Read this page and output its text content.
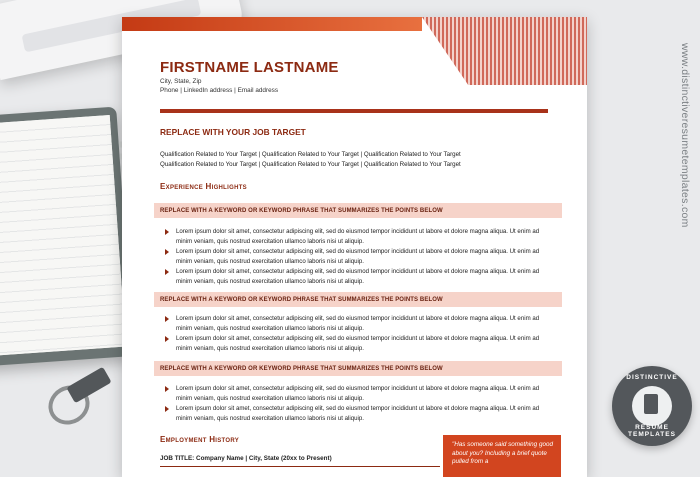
www.distinctiveresumetemplates.com
DISTINCTIVE
RESUME TEMPLATES
FIRSTNAME LASTNAME
City, State, Zip
Phone | LinkedIn address | Email address
REPLACE WITH YOUR JOB TARGET
Qualification Related to Your Target | Qualification Related to Your Target | Qualification Related to Your Target
Qualification Related to Your Target | Qualification Related to Your Target | Qualification Related to Your Target
Experience Highlights
REPLACE WITH A KEYWORD OR KEYWORD PHRASE THAT SUMMARIZES THE POINTS BELOW
Lorem ipsum dolor sit amet, consectetur adipiscing elit, sed do eiusmod tempor incididunt ut labore et dolore magna aliqua. Ut enim ad minim veniam, quis nostrud exercitation ullamco laboris nisi ut aliquip.
Lorem ipsum dolor sit amet, consectetur adipiscing elit, sed do eiusmod tempor incididunt ut labore et dolore magna aliqua. Ut enim ad minim veniam, quis nostrud exercitation ullamco laboris nisi ut aliquip.
Lorem ipsum dolor sit amet, consectetur adipiscing elit, sed do eiusmod tempor incididunt ut labore et dolore magna aliqua. Ut enim ad minim veniam, quis nostrud exercitation ullamco laboris nisi ut aliquip.
REPLACE WITH A KEYWORD OR KEYWORD PHRASE THAT SUMMARIZES THE POINTS BELOW
Lorem ipsum dolor sit amet, consectetur adipiscing elit, sed do eiusmod tempor incididunt ut labore et dolore magna aliqua. Ut enim ad minim veniam, quis nostrud exercitation ullamco laboris nisi ut aliquip.
Lorem ipsum dolor sit amet, consectetur adipiscing elit, sed do eiusmod tempor incididunt ut labore et dolore magna aliqua. Ut enim ad minim veniam, quis nostrud exercitation ullamco laboris nisi ut aliquip.
REPLACE WITH A KEYWORD OR KEYWORD PHRASE THAT SUMMARIZES THE POINTS BELOW
Lorem ipsum dolor sit amet, consectetur adipiscing elit, sed do eiusmod tempor incididunt ut labore et dolore magna aliqua. Ut enim ad minim veniam, quis nostrud exercitation ullamco laboris nisi ut aliquip.
Lorem ipsum dolor sit amet, consectetur adipiscing elit, sed do eiusmod tempor incididunt ut labore et dolore magna aliqua. Ut enim ad minim veniam, quis nostrud exercitation ullamco laboris nisi ut aliquip.
Employment History
JOB TITLE: Company Name | City, State (20xx to Present)
"Has someone said something good about you? Including a brief quote pulled from a
